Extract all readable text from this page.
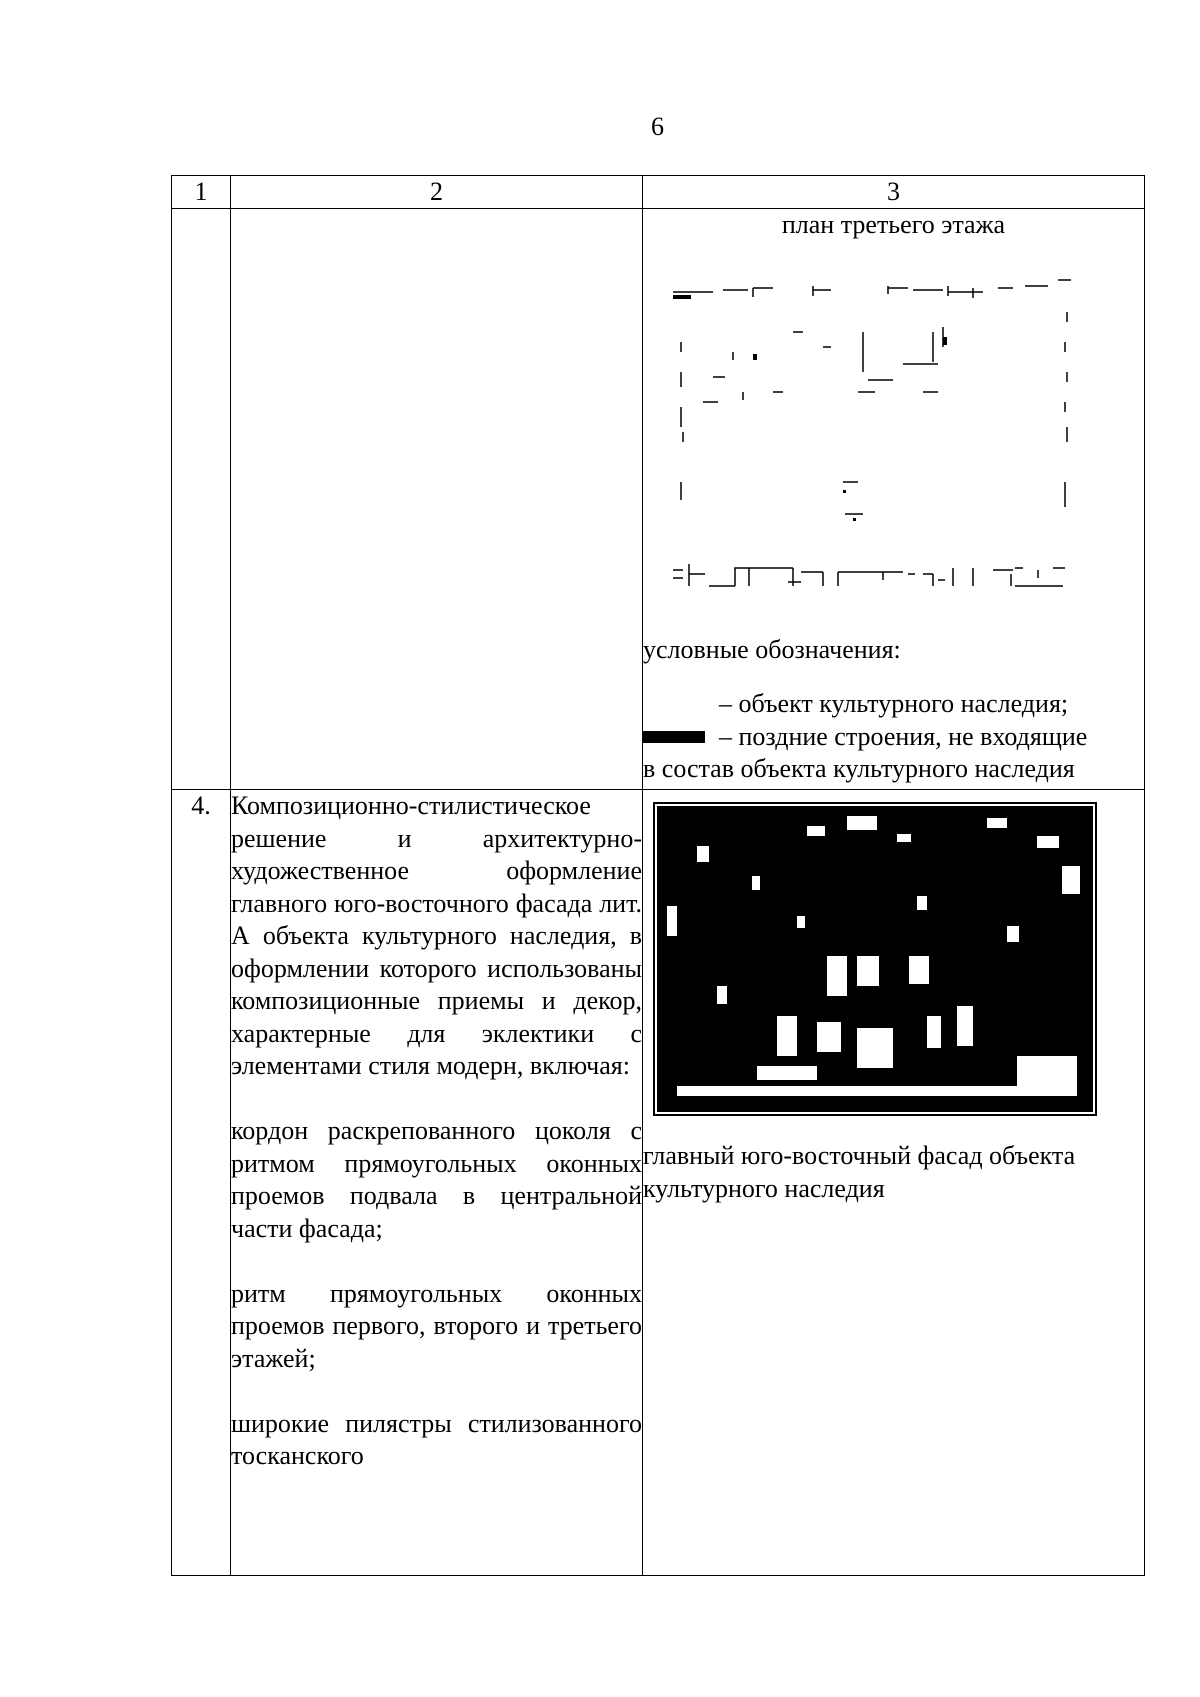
6
1	2	3

		план третьего этажа
условные обозначения:
– объект культурного наследия;
– поздние строения, не входящие
в состав объекта культурного наследия

4.	Композиционно-стилистическое решение и архитектурно-художественное оформление главного юго-восточного фасада лит. А объекта культурного наследия, в оформлении которого использованы композиционные приемы и декор, характерные для эклектики с элементами стиля модерн, включая:

кордон раскрепованного цоколя с ритмом прямоугольных оконных проемов подвала в центральной части фасада;

ритм прямоугольных оконных проемов первого, второго и третьего этажей;

широкие пилястры стилизованного тосканского	главный юго-восточный фасад объекта культурного наследия
